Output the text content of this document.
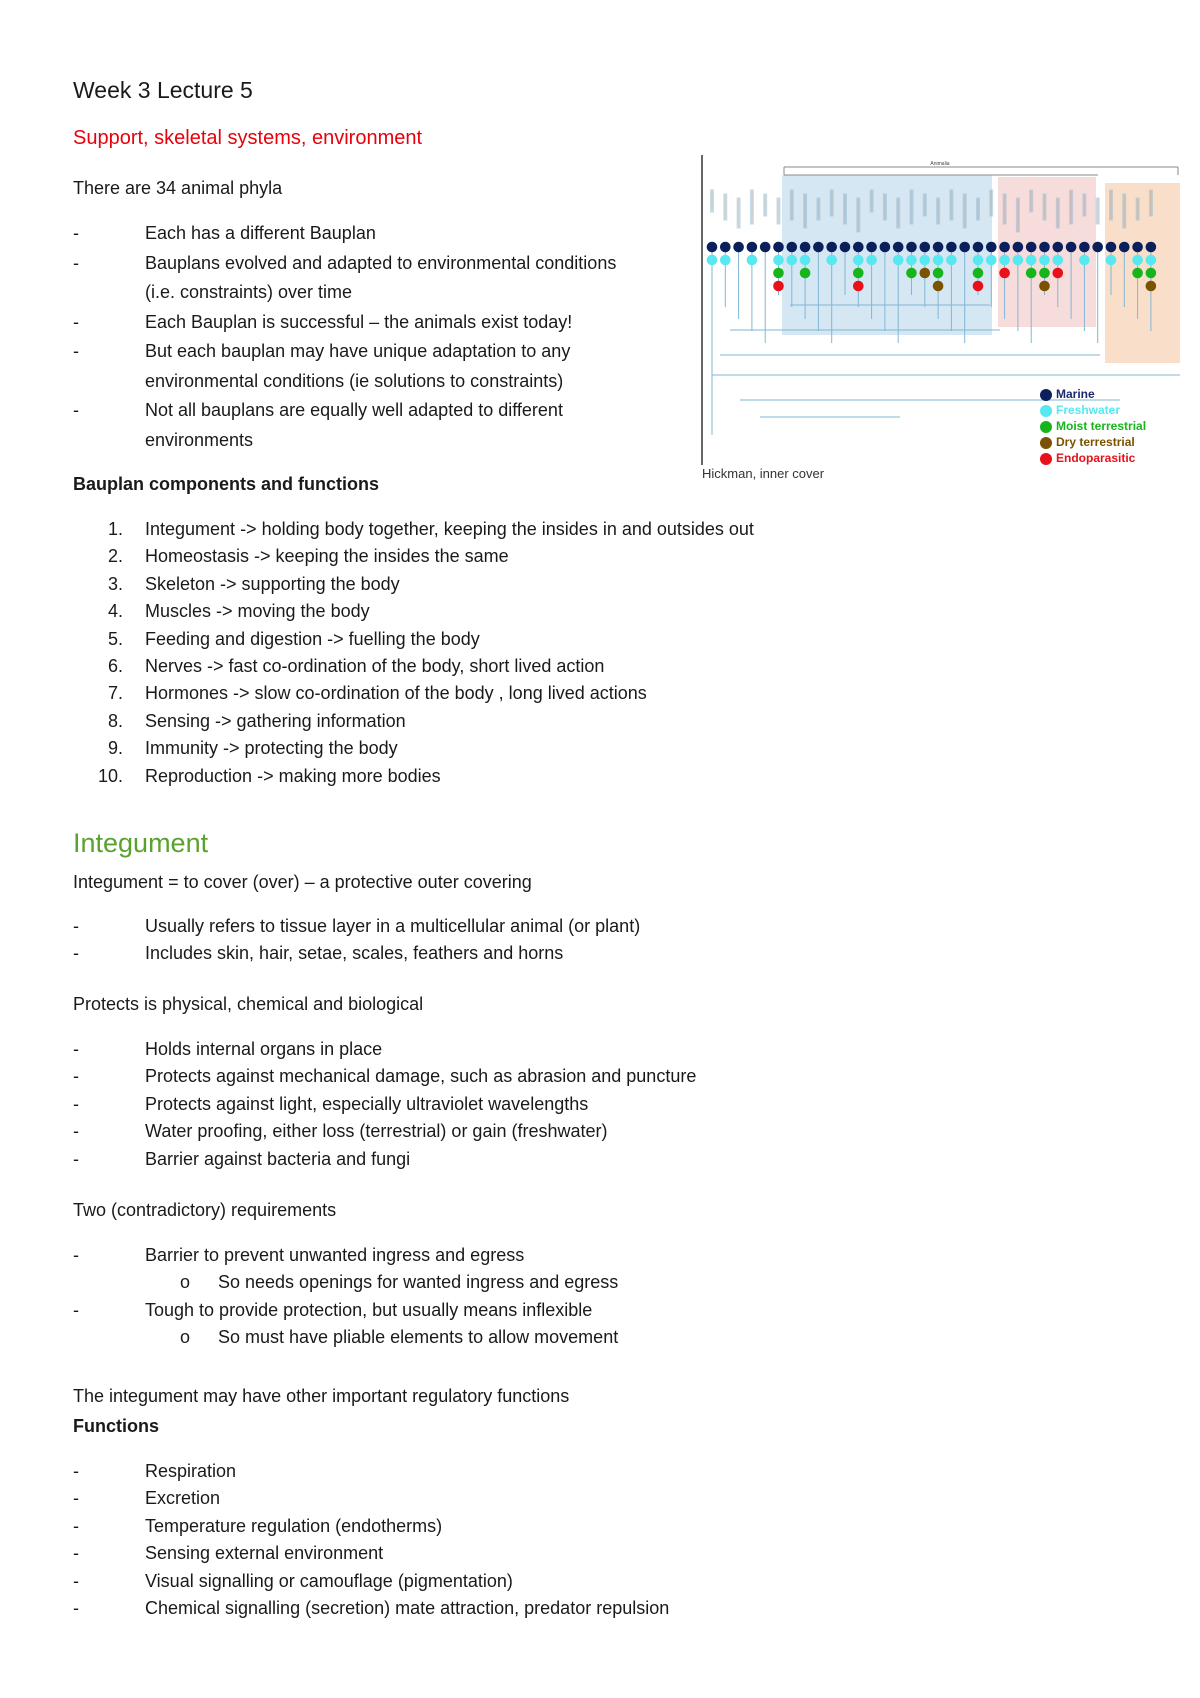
Week 3 Lecture 5
Support, skeletal systems, environment
There are 34 animal phyla
-	Each has a different Bauplan
-	Bauplans evolved and adapted to environmental conditions
(i.e. constraints) over time
-	Each Bauplan is successful – the animals exist today!
-	But each bauplan may have unique adaptation to any
environmental conditions (ie solutions to constraints)
-	Not all bauplans are equally well adapted to different
environments
Bauplan components and functions
1. Integument -> holding body together, keeping the insides in and outsides out
2. Homeostasis -> keeping the insides the same
3. Skeleton -> supporting the body
4. Muscles -> moving the body
5. Feeding and digestion -> fuelling the body
6. Nerves -> fast co-ordination of the body, short lived action
7. Hormones -> slow co-ordination of the body , long lived actions
8. Sensing -> gathering information
9. Immunity -> protecting the body
10. Reproduction -> making more bodies
Integument
Integument = to cover (over) – a protective outer covering
-	Usually refers to tissue layer in a multicellular animal (or plant)
-	Includes skin, hair, setae, scales, feathers and horns
Protects is physical, chemical and biological
-	Holds internal organs in place
-	Protects against mechanical damage, such as abrasion and puncture
-	Protects against light, especially ultraviolet wavelengths
-	Water proofing, either loss (terrestrial) or gain (freshwater)
-	Barrier against bacteria and fungi
Two (contradictory) requirements
-	Barrier to prevent unwanted ingress and egress
o	So needs openings for wanted ingress and egress
-	Tough to provide protection, but usually means inflexible
o	So must have pliable elements to allow movement
The integument may have other important regulatory functions
Functions
-	Respiration
-	Excretion
-	Temperature regulation (endotherms)
-	Sensing external environment
-	Visual signalling or camouflage (pigmentation)
-	Chemical signalling (secretion) mate attraction, predator repulsion
Animalia
Marine
Freshwater
Moist terrestrial
Dry terrestrial
Endoparasitic
Hickman, inner cover
